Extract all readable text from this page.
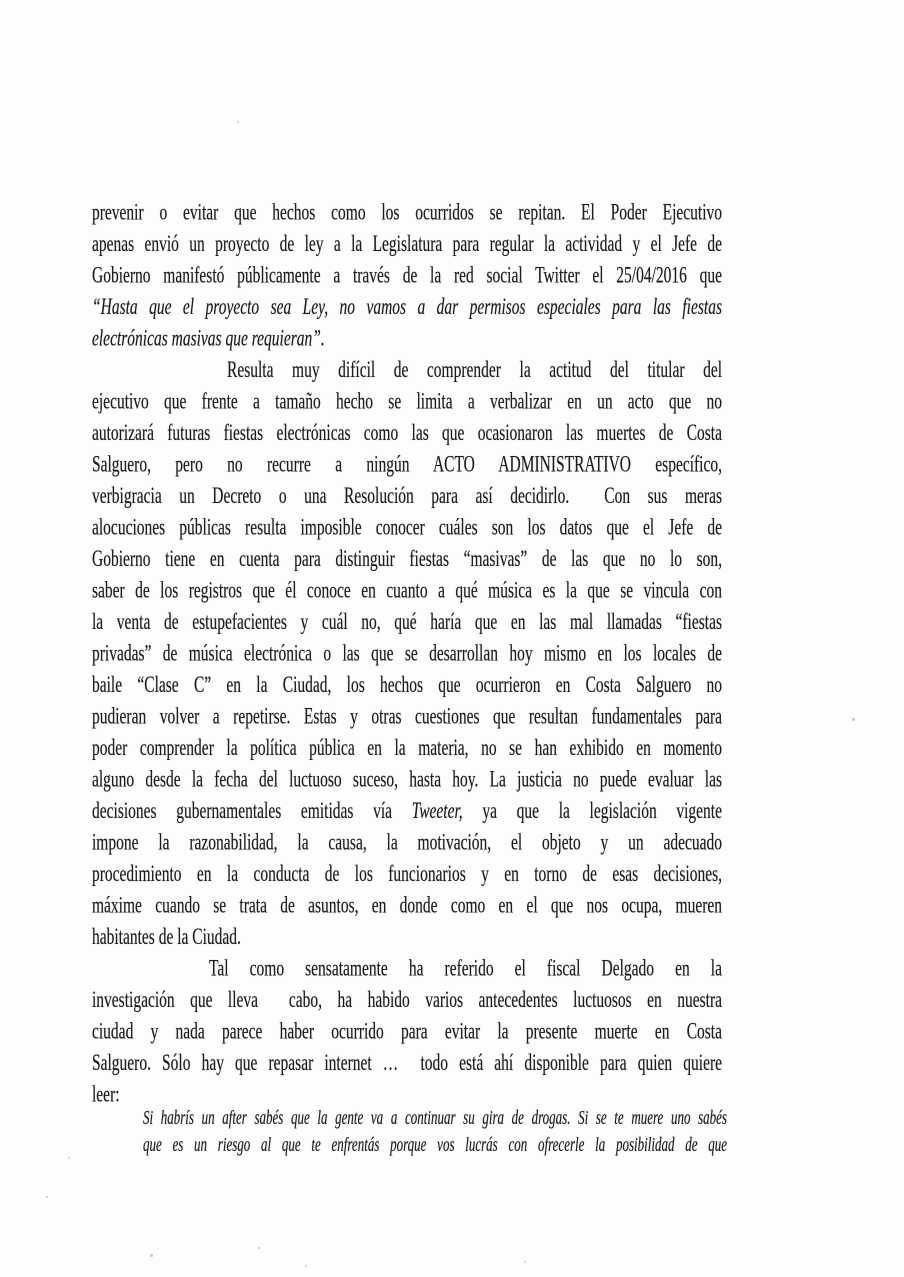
prevenir o evitar que hechos como los ocurridos se repitan. El Poder Ejecutivo
apenas envió un proyecto de ley a la Legislatura para regular la actividad y el Jefe de
Gobierno manifestó públicamente a través de la red social Twitter el 25/04/2016 que
“Hasta que el proyecto sea Ley, no vamos a dar permisos especiales para las fiestas
electrónicas masivas que requieran”.
Resulta muy difícil de comprender la actitud del titular del
ejecutivo que frente a tamaño hecho se limita a verbalizar en un acto que no
autorizará futuras fiestas electrónicas como las que ocasionaron las muertes de Costa
Salguero, pero no recurre a ningún ACTO ADMINISTRATIVO específico,
verbigracia un Decreto o una Resolución para así decidirlo.  Con sus meras
alocuciones públicas resulta imposible conocer cuáles son los datos que el Jefe de
Gobierno tiene en cuenta para distinguir fiestas “masivas” de las que no lo son,
saber de los registros que él conoce en cuanto a qué música es la que se vincula con
la venta de estupefacientes y cuál no, qué haría que en las mal llamadas “fiestas
privadas” de música electrónica o las que se desarrollan hoy mismo en los locales de
baile “Clase C” en la Ciudad, los hechos que ocurrieron en Costa Salguero no
pudieran volver a repetirse. Estas y otras cuestiones que resultan fundamentales para
poder comprender la política pública en la materia, no se han exhibido en momento
alguno desde la fecha del luctuoso suceso, hasta hoy. La justicia no puede evaluar las
decisiones gubernamentales emitidas vía Tweeter, ya que la legislación vigente
impone la razonabilidad, la causa, la motivación, el objeto y un adecuado
procedimiento en la conducta de los funcionarios y en torno de esas decisiones,
máxime cuando se trata de asuntos, en donde como en el que nos ocupa, mueren
habitantes de la Ciudad.
Tal como sensatamente ha referido el fiscal Delgado en la
investigación que lleva  cabo, ha habido varios antecedentes luctuosos en nuestra
ciudad y nada parece haber ocurrido para evitar la presente muerte en Costa
Salguero. Sólo hay que repasar internet …  todo está ahí disponible para quien quiere
leer:
Si habrís un after sabés que la gente va a continuar su gira de drogas. Si se te muere uno sabés
que es un riesgo al que te enfrentás porque vos lucrás con ofrecerle la posibilidad de que
